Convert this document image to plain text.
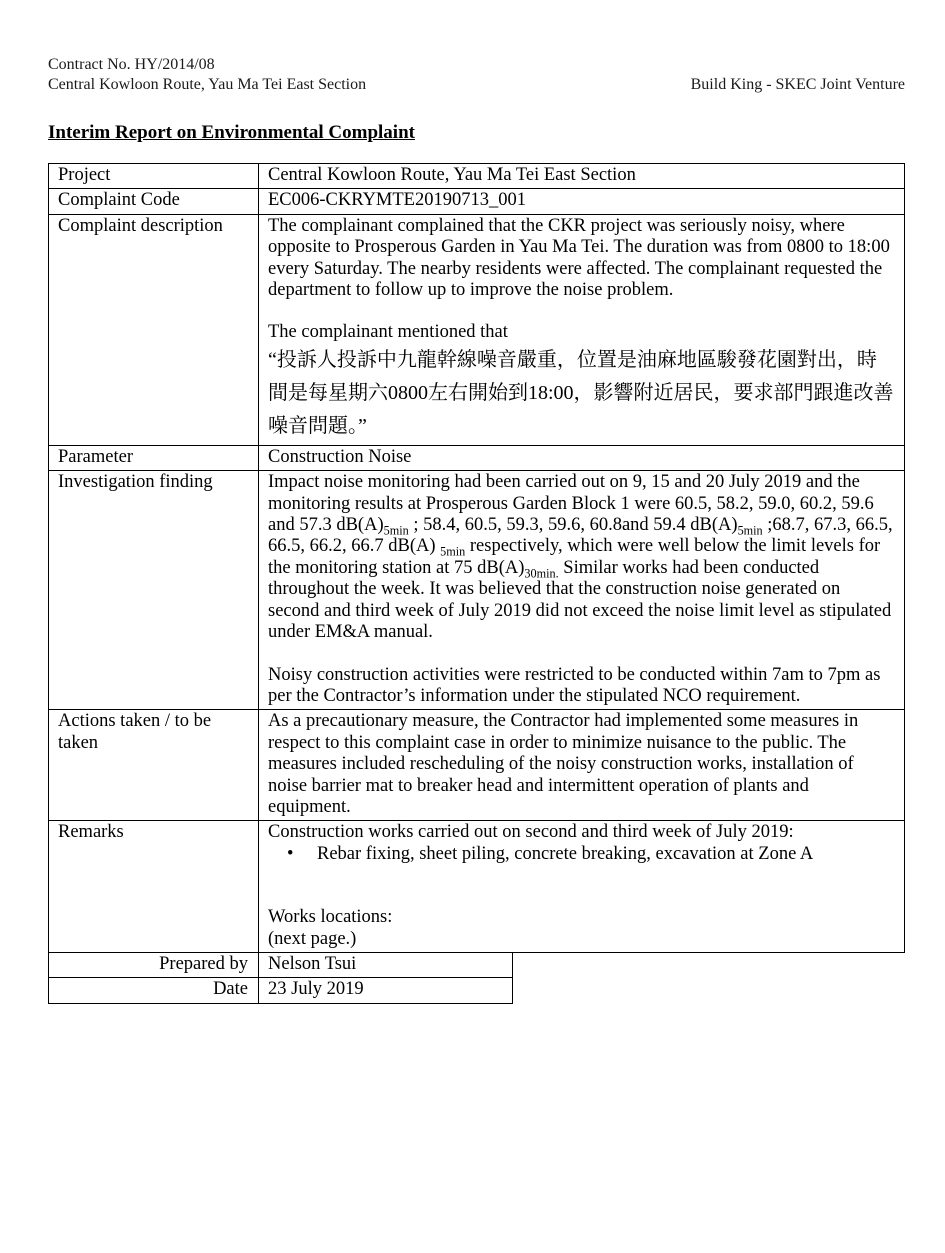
Contract No. HY/2014/08
Central Kowloon Route, Yau Ma Tei East Section	Build King - SKEC Joint Venture
Interim Report on Environmental Complaint
Project	Central Kowloon Route, Yau Ma Tei East Section
Complaint Code	EC006-CKRYMTE20190713_001
Complaint description	The complainant complained that the CKR project was seriously noisy, where opposite to Prosperous Garden in Yau Ma Tei. The duration was from 0800 to 18:00 every Saturday. The nearby residents were affected. The complainant requested the department to follow up to improve the noise problem.

The complainant mentioned that

“投訴人投訴中九龍幹線噪音嚴重，位置是油麻地區駿發花園對出，時間是每星期六0800左右開始到18:00，影響附近居民，要求部門跟進改善噪音問題。”

Parameter	Construction Noise
Investigation finding	Impact noise monitoring had been carried out on 9, 15 and 20 July 2019 and the monitoring results at Prosperous Garden Block 1 were 60.5, 58.2, 59.0, 60.2, 59.6 and 57.3 $dB(A)_{5min}$ ; 58.4, 60.5, 59.3, 59.6, 60.8and 59.4 $dB(A)_{5min}$ ;68.7, 67.3, 66.5, 66.5, 66.2, 66.7 dB(A) $_{5min}$ respectively, which were well below the limit levels for the monitoring station at 75 $dB(A)_{30min.}$ Similar works had been conducted throughout the week. It was believed that the construction noise generated on second and third week of July 2019 did not exceed the noise limit level as stipulated under EM&A manual.

Noisy construction activities were restricted to be conducted within 7am to 7pm as per the Contractor’s information under the stipulated NCO requirement.

Actions taken / to be taken	As a precautionary measure, the Contractor had implemented some measures in respect to this complaint case in order to minimize nuisance to the public. The measures included rescheduling of the noisy construction works, installation of noise barrier mat to breaker head and intermittent operation of plants and equipment.
Remarks	Construction works carried out on second and third week of July 2019:

• Rebar fixing, sheet piling, concrete breaking, excavation at Zone A

Works locations:

(next page.)

Prepared by	Nelson Tsui
Date	23 July 2019
